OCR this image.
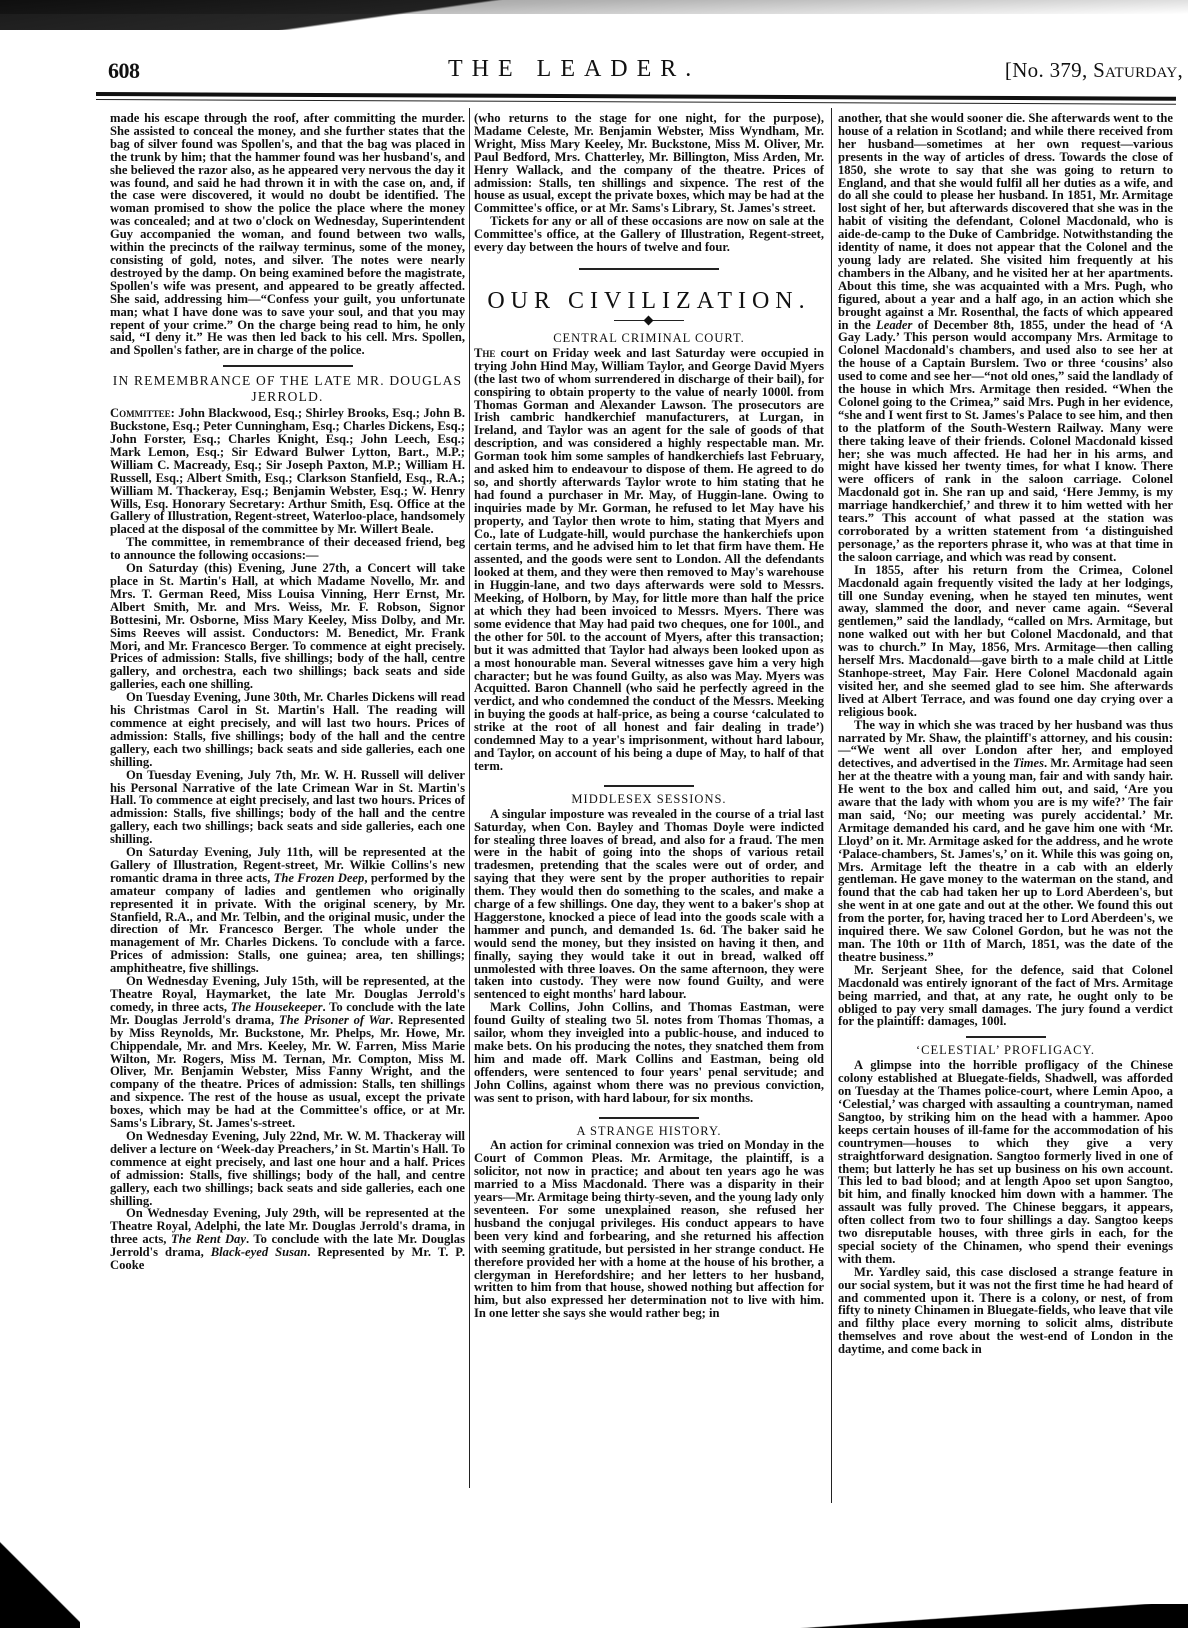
608	THE LEADER.	[No. 379, Saturday,

made his escape through the roof, after committing the murder. She assisted to conceal the money, and she further states that the bag of silver found was Spollen's, and that the bag was placed in the trunk by him; that the hammer found was her husband's, and she believed the razor also, as he appeared very nervous the day it was found, and said he had thrown it in with the case on, and, if the case were discovered, it would no doubt be identified. The woman promised to show the police the place where the money was concealed; and at two o'clock on Wednesday, Superintendent Guy accompanied the woman, and found between two walls, within the precincts of the railway terminus, some of the money, consisting of gold, notes, and silver. The notes were nearly destroyed by the damp. On being examined before the magistrate, Spollen's wife was present, and appeared to be greatly affected. She said, addressing him—“Confess your guilt, you unfortunate man; what I have done was to save your soul, and that you may repent of your crime.” On the charge being read to him, he only said, “I deny it.” He was then led back to his cell. Mrs. Spollen, and Spollen's father, are in charge of the police.

IN REMEMBRANCE OF THE LATE MR. DOUGLAS JERROLD.

Committee: John Blackwood, Esq.; Shirley Brooks, Esq.; John B. Buckstone, Esq.; Peter Cunningham, Esq.; Charles Dickens, Esq.; John Forster, Esq.; Charles Knight, Esq.; John Leech, Esq.; Mark Lemon, Esq.; Sir Edward Bulwer Lytton, Bart., M.P.; William C. Macready, Esq.; Sir Joseph Paxton, M.P.; William H. Russell, Esq.; Albert Smith, Esq.; Clarkson Stanfield, Esq., R.A.; William M. Thackeray, Esq.; Benjamin Webster, Esq.; W. Henry Wills, Esq. Honorary Secretary: Arthur Smith, Esq. Office at the Gallery of Illustration, Regent-street, Waterloo-place, handsomely placed at the disposal of the committee by Mr. Willert Beale.

The committee, in remembrance of their deceased friend, beg to announce the following occasions:—

On Saturday (this) Evening, June 27th, a Concert will take place in St. Martin's Hall, at which Madame Novello, Mr. and Mrs. T. German Reed, Miss Louisa Vinning, Herr Ernst, Mr. Albert Smith, Mr. and Mrs. Weiss, Mr. F. Robson, Signor Bottesini, Mr. Osborne, Miss Mary Keeley, Miss Dolby, and Mr. Sims Reeves will assist. Conductors: M. Benedict, Mr. Frank Mori, and Mr. Francesco Berger. To commence at eight precisely. Prices of admission: Stalls, five shillings; body of the hall, centre gallery, and orchestra, each two shillings; back seats and side galleries, each one shilling.

On Tuesday Evening, June 30th, Mr. Charles Dickens will read his Christmas Carol in St. Martin's Hall. The reading will commence at eight precisely, and will last two hours. Prices of admission: Stalls, five shillings; body of the hall and the centre gallery, each two shillings; back seats and side galleries, each one shilling.

On Tuesday Evening, July 7th, Mr. W. H. Russell will deliver his Personal Narrative of the late Crimean War in St. Martin's Hall. To commence at eight precisely, and last two hours. Prices of admission: Stalls, five shillings; body of the hall and the centre gallery, each two shillings; back seats and side galleries, each one shilling.

On Saturday Evening, July 11th, will be represented at the Gallery of Illustration, Regent-street, Mr. Wilkie Collins's new romantic drama in three acts, The Frozen Deep, performed by the amateur company of ladies and gentlemen who originally represented it in private. With the original scenery, by Mr. Stanfield, R.A., and Mr. Telbin, and the original music, under the direction of Mr. Francesco Berger. The whole under the management of Mr. Charles Dickens. To conclude with a farce. Prices of admission: Stalls, one guinea; area, ten shillings; amphitheatre, five shillings.

On Wednesday Evening, July 15th, will be represented, at the Theatre Royal, Haymarket, the late Mr. Douglas Jerrold's comedy, in three acts, The Housekeeper. To conclude with the late Mr. Douglas Jerrold's drama, The Prisoner of War. Represented by Miss Reynolds, Mr. Buckstone, Mr. Phelps, Mr. Howe, Mr. Chippendale, Mr. and Mrs. Keeley, Mr. W. Farren, Miss Marie Wilton, Mr. Rogers, Miss M. Ternan, Mr. Compton, Miss M. Oliver, Mr. Benjamin Webster, Miss Fanny Wright, and the company of the theatre. Prices of admission: Stalls, ten shillings and sixpence. The rest of the house as usual, except the private boxes, which may be had at the Committee's office, or at Mr. Sams's Library, St. James's-street.

On Wednesday Evening, July 22nd, Mr. W. M. Thackeray will deliver a lecture on ‘Week-day Preachers,’ in St. Martin's Hall. To commence at eight precisely, and last one hour and a half. Prices of admission: Stalls, five shillings; body of the hall, and centre gallery, each two shillings; back seats and side galleries, each one shilling.

On Wednesday Evening, July 29th, will be represented at the Theatre Royal, Adelphi, the late Mr. Douglas Jerrold's drama, in three acts, The Rent Day. To conclude with the late Mr. Douglas Jerrold's drama, Black-eyed Susan. Represented by Mr. T. P. Cooke

(who returns to the stage for one night, for the purpose), Madame Celeste, Mr. Benjamin Webster, Miss Wyndham, Mr. Wright, Miss Mary Keeley, Mr. Buckstone, Miss M. Oliver, Mr. Paul Bedford, Mrs. Chatterley, Mr. Billington, Miss Arden, Mr. Henry Wallack, and the company of the theatre. Prices of admission: Stalls, ten shillings and sixpence. The rest of the house as usual, except the private boxes, which may be had at the Committee's office, or at Mr. Sams's Library, St. James's street.

Tickets for any or all of these occasions are now on sale at the Committee's office, at the Gallery of Illustration, Regent-street, every day between the hours of twelve and four.

OUR CIVILIZATION.
CENTRAL CRIMINAL COURT.

The court on Friday week and last Saturday were occupied in trying John Hind May, William Taylor, and George David Myers (the last two of whom surrendered in discharge of their bail), for conspiring to obtain property to the value of nearly 1000l. from Thomas Gorman and Alexander Lawson. The prosecutors are Irish cambric handkerchief manufacturers, at Lurgan, in Ireland, and Taylor was an agent for the sale of goods of that description, and was considered a highly respectable man. Mr. Gorman took him some samples of handkerchiefs last February, and asked him to endeavour to dispose of them. He agreed to do so, and shortly afterwards Taylor wrote to him stating that he had found a purchaser in Mr. May, of Huggin-lane. Owing to inquiries made by Mr. Gorman, he refused to let May have his property, and Taylor then wrote to him, stating that Myers and Co., late of Ludgate-hill, would purchase the hankerchiefs upon certain terms, and he advised him to let that firm have them. He assented, and the goods were sent to London. All the defendants looked at them, and they were then removed to May's warehouse in Huggin-lane, and two days afterwards were sold to Messrs. Meeking, of Holborn, by May, for little more than half the price at which they had been invoiced to Messrs. Myers. There was some evidence that May had paid two cheques, one for 100l., and the other for 50l. to the account of Myers, after this transaction; but it was admitted that Taylor had always been looked upon as a most honourable man. Several witnesses gave him a very high character; but he was found Guilty, as also was May. Myers was Acquitted. Baron Channell (who said he perfectly agreed in the verdict, and who condemned the conduct of the Messrs. Meeking in buying the goods at half-price, as being a course ‘calculated to strike at the root of all honest and fair dealing in trade’) condemned May to a year's imprisonment, without hard labour, and Taylor, on account of his being a dupe of May, to half of that term.

MIDDLESEX SESSIONS.

A singular imposture was revealed in the course of a trial last Saturday, when Con. Bayley and Thomas Doyle were indicted for stealing three loaves of bread, and also for a fraud. The men were in the habit of going into the shops of various retail tradesmen, pretending that the scales were out of order, and saying that they were sent by the proper authorities to repair them. They would then do something to the scales, and make a charge of a few shillings. One day, they went to a baker's shop at Haggerstone, knocked a piece of lead into the goods scale with a hammer and punch, and demanded 1s. 6d. The baker said he would send the money, but they insisted on having it then, and finally, saying they would take it out in bread, walked off unmolested with three loaves. On the same afternoon, they were taken into custody. They were now found Guilty, and were sentenced to eight months' hard labour.

Mark Collins, John Collins, and Thomas Eastman, were found Guilty of stealing two 5l. notes from Thomas Thomas, a sailor, whom they inveigled into a public-house, and induced to make bets. On his producing the notes, they snatched them from him and made off. Mark Collins and Eastman, being old offenders, were sentenced to four years' penal servitude; and John Collins, against whom there was no previous conviction, was sent to prison, with hard labour, for six months.

A STRANGE HISTORY.

An action for criminal connexion was tried on Monday in the Court of Common Pleas. Mr. Armitage, the plaintiff, is a solicitor, not now in practice; and about ten years ago he was married to a Miss Macdonald. There was a disparity in their years—Mr. Armitage being thirty-seven, and the young lady only seventeen. For some unexplained reason, she refused her husband the conjugal privileges. His conduct appears to have been very kind and forbearing, and she returned his affection with seeming gratitude, but persisted in her strange conduct. He therefore provided her with a home at the house of his brother, a clergyman in Herefordshire; and her letters to her husband, written to him from that house, showed nothing but affection for him, but also expressed her determination not to live with him. In one letter she says she would rather beg; in

another, that she would sooner die. She afterwards went to the house of a relation in Scotland; and while there received from her husband—sometimes at her own request—various presents in the way of articles of dress. Towards the close of 1850, she wrote to say that she was going to return to England, and that she would fulfil all her duties as a wife, and do all she could to please her husband. In 1851, Mr. Armitage lost sight of her, but afterwards discovered that she was in the habit of visiting the defendant, Colonel Macdonald, who is aide-de-camp to the Duke of Cambridge. Notwithstanding the identity of name, it does not appear that the Colonel and the young lady are related. She visited him frequently at his chambers in the Albany, and he visited her at her apartments. About this time, she was acquainted with a Mrs. Pugh, who figured, about a year and a half ago, in an action which she brought against a Mr. Rosenthal, the facts of which appeared in the Leader of December 8th, 1855, under the head of ‘A Gay Lady.’ This person would accompany Mrs. Armitage to Colonel Macdonald's chambers, and used also to see her at the house of a Captain Burslem. Two or three ‘cousins’ also used to come and see her—“not old ones,” said the landlady of the house in which Mrs. Armitage then resided. “When the Colonel going to the Crimea,” said Mrs. Pugh in her evidence, “she and I went first to St. James's Palace to see him, and then to the platform of the South-Western Railway. Many were there taking leave of their friends. Colonel Macdonald kissed her; she was much affected. He had her in his arms, and might have kissed her twenty times, for what I know. There were officers of rank in the saloon carriage. Colonel Macdonald got in. She ran up and said, ‘Here Jemmy, is my marriage handkerchief,’ and threw it to him wetted with her tears.” This account of what passed at the station was corroborated by a written statement from ‘a distinguished personage,’ as the reporters phrase it, who was at that time in the saloon carriage, and which was read by consent.

In 1855, after his return from the Crimea, Colonel Macdonald again frequently visited the lady at her lodgings, till one Sunday evening, when he stayed ten minutes, went away, slammed the door, and never came again. “Several gentlemen,” said the landlady, “called on Mrs. Armitage, but none walked out with her but Colonel Macdonald, and that was to church.” In May, 1856, Mrs. Armitage—then calling herself Mrs. Macdonald—gave birth to a male child at Little Stanhope-street, May Fair. Here Colonel Macdonald again visited her, and she seemed glad to see him. She afterwards lived at Albert Terrace, and was found one day crying over a religious book.

The way in which she was traced by her husband was thus narrated by Mr. Shaw, the plaintiff's attorney, and his cousin:—“We went all over London after her, and employed detectives, and advertised in the Times. Mr. Armitage had seen her at the theatre with a young man, fair and with sandy hair. He went to the box and called him out, and said, ‘Are you aware that the lady with whom you are is my wife?’ The fair man said, ‘No; our meeting was purely accidental.’ Mr. Armitage demanded his card, and he gave him one with ‘Mr. Lloyd’ on it. Mr. Armitage asked for the address, and he wrote ‘Palace-chambers, St. James's,’ on it. While this was going on, Mrs. Armitage left the theatre in a cab with an elderly gentleman. He gave money to the waterman on the stand, and found that the cab had taken her up to Lord Aberdeen's, but she went in at one gate and out at the other. We found this out from the porter, for, having traced her to Lord Aberdeen's, we inquired there. We saw Colonel Gordon, but he was not the man. The 10th or 11th of March, 1851, was the date of the theatre business.”

Mr. Serjeant Shee, for the defence, said that Colonel Macdonald was entirely ignorant of the fact of Mrs. Armitage being married, and that, at any rate, he ought only to be obliged to pay very small damages. The jury found a verdict for the plaintiff: damages, 100l.

‘CELESTIAL’ PROFLIGACY.

A glimpse into the horrible profligacy of the Chinese colony established at Bluegate-fields, Shadwell, was afforded on Tuesday at the Thames police-court, where Lemin Apoo, a ‘Celestial,’ was charged with assaulting a countryman, named Sangtoo, by striking him on the head with a hammer. Apoo keeps certain houses of ill-fame for the accommodation of his countrymen—houses to which they give a very straightforward designation. Sangtoo formerly lived in one of them; but latterly he has set up business on his own account. This led to bad blood; and at length Apoo set upon Sangtoo, bit him, and finally knocked him down with a hammer. The assault was fully proved. The Chinese beggars, it appears, often collect from two to four shillings a day. Sangtoo keeps two disreputable houses, with three girls in each, for the special society of the Chinamen, who spend their evenings with them.

Mr. Yardley said, this case disclosed a strange feature in our social system, but it was not the first time he had heard of and commented upon it. There is a colony, or nest, of from fifty to ninety Chinamen in Bluegate-fields, who leave that vile and filthy place every morning to solicit alms, distribute themselves and rove about the west-end of London in the daytime, and come back in
